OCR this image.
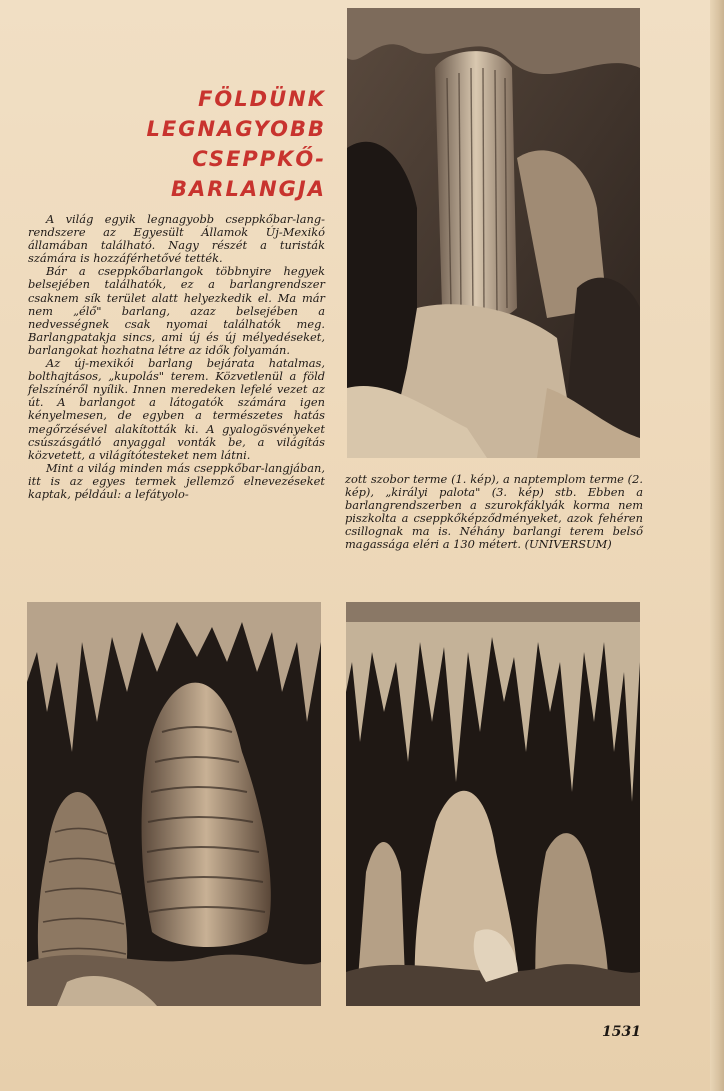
FÖLDÜNK
LEGNAGYOBB
CSEPPKŐ-
BARLANGJA

A világ egyik legnagyobb cseppkőbar-lang-rendszere az Egyesült Államok Új-Mexikó államában található. Nagy részét a turisták számára is hozzáférhetővé tették.

Bár a cseppkőbarlangok többnyire hegyek belsejében találhatók, ez a barlangrendszer csaknem sík terület alatt helyezkedik el. Ma már nem „élő" barlang, azaz belsejében a nedvességnek csak nyomai találhatók meg. Barlangpatakja sincs, ami új és új mélyedéseket, barlangokat hozhatna létre az idők folyamán.

Az új-mexikói barlang bejárata hatalmas, bolthajtásos, „kupolás" terem. Közvetlenül a föld felszínéről nyílik. Innen meredeken lefelé vezet az út. A barlangot a látogatók számára igen kényelmesen, de egyben a természetes hatás megőrzésével alakították ki. A gyalogösvényeket csúszásgátló anyaggal vonták be, a világítás közvetett, a világítótesteket nem látni.

Mint a világ minden más cseppkőbar-langjában, itt is az egyes termek jellemző elnevezéseket kaptak, például: a lefátyolo-

zott szobor terme (1. kép), a naptemplom terme (2. kép), „királyi palota" (3. kép) stb. Ebben a barlangrendszerben a szurokfáklyák korma nem piszkolta a cseppkőképződményeket, azok fehéren csillognak ma is. Néhány barlangi terem belső magassága eléri a 130 métert. (UNIVERSUM)

1531
